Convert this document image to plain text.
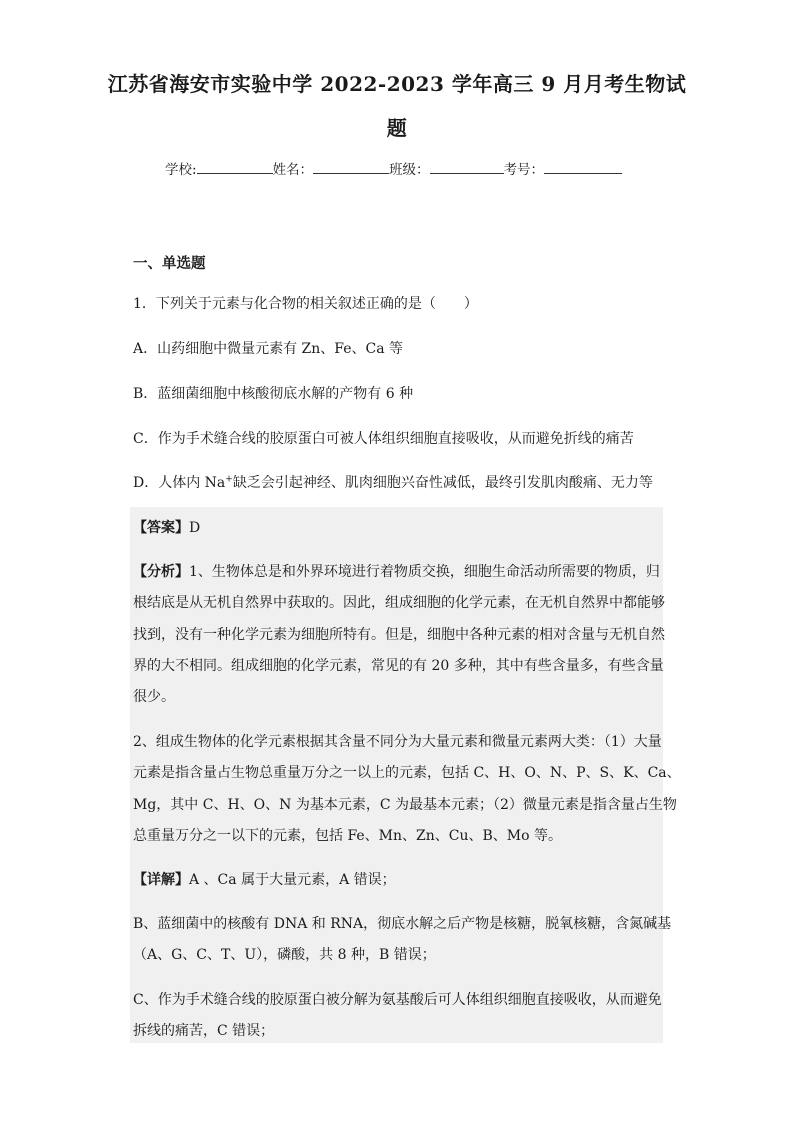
江苏省海安市实验中学 2022-2023 学年高三 9 月月考生物试
题
学校:	姓名：	班级：	考号：
一、单选题
1．下列关于元素与化合物的相关叙述正确的是（　　）
A．山药细胞中微量元素有 Zn、Fe、Ca 等
B．蓝细菌细胞中核酸彻底水解的产物有 6 种
C．作为手术缝合线的胶原蛋白可被人体组织细胞直接吸收，从而避免折线的痛苦
D．人体内 Na+缺乏会引起神经、肌肉细胞兴奋性减低，最终引发肌肉酸痛、无力等
【答案】D
【分析】1、生物体总是和外界环境进行着物质交换，细胞生命活动所需要的物质，归
根结底是从无机自然界中获取的。因此，组成细胞的化学元素，在无机自然界中都能够
找到，没有一种化学元素为细胞所特有。但是，细胞中各种元素的相对含量与无机自然
界的大不相同。组成细胞的化学元素，常见的有 20 多种，其中有些含量多，有些含量
很少。
2、组成生物体的化学元素根据其含量不同分为大量元素和微量元素两大类：（1）大量
元素是指含量占生物总重量万分之一以上的元素，包括 C、H、O、N、P、S、K、Ca、
Mg，其中 C、H、O、N 为基本元素，C 为最基本元素；（2）微量元素是指含量占生物
总重量万分之一以下的元素，包括 Fe、Mn、Zn、Cu、B、Mo 等。
【详解】A 、Ca 属于大量元素，A 错误；
B、蓝细菌中的核酸有 DNA 和 RNA，彻底水解之后产物是核糖，脱氧核糖，含氮碱基
（A、G、C、T、U），磷酸，共 8 种，B 错误；
C、作为手术缝合线的胶原蛋白被分解为氨基酸后可人体组织细胞直接吸收，从而避免
拆线的痛苦，C 错误；
